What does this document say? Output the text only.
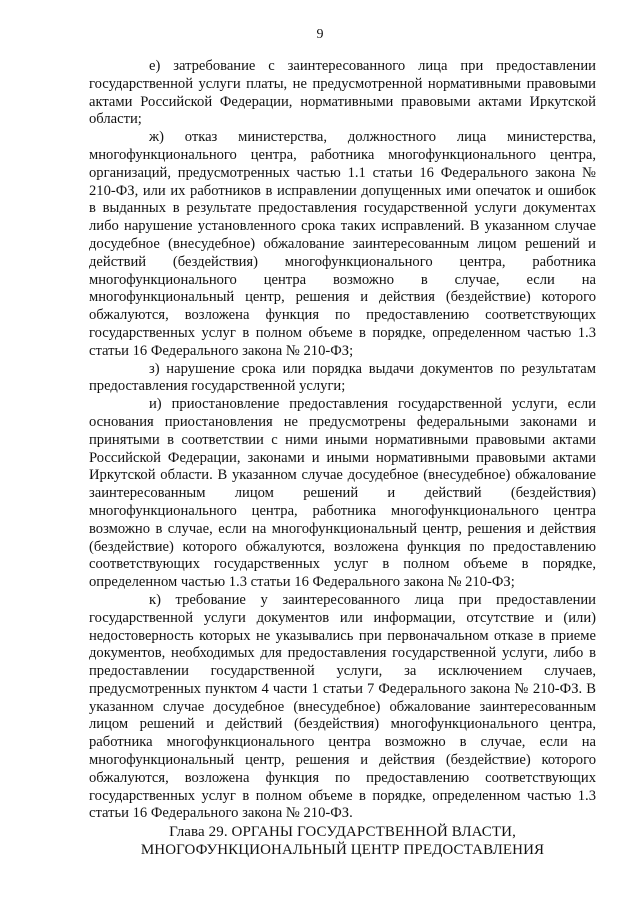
9

е) затребование с заинтересованного лица при предоставлении государственной услуги платы, не предусмотренной нормативными правовыми актами Российской Федерации, нормативными правовыми актами Иркутской области;

ж) отказ министерства, должностного лица министерства, многофункционального центра, работника многофункционального центра, организаций, предусмотренных частью 1.1 статьи 16 Федерального закона № 210-ФЗ, или их работников в исправлении допущенных ими опечаток и ошибок в выданных в результате предоставления государственной услуги документах либо нарушение установленного срока таких исправлений. В указанном случае досудебное (внесудебное) обжалование заинтересованным лицом решений и действий (бездействия) многофункционального центра, работника многофункционального центра возможно в случае, если на многофункциональный центр, решения и действия (бездействие) которого обжалуются, возложена функция по предоставлению соответствующих государственных услуг в полном объеме в порядке, определенном частью 1.3 статьи 16 Федерального закона № 210-ФЗ;

з) нарушение срока или порядка выдачи документов по результатам предоставления государственной услуги;

и) приостановление предоставления государственной услуги, если основания приостановления не предусмотрены федеральными законами и принятыми в соответствии с ними иными нормативными правовыми актами Российской Федерации, законами и иными нормативными правовыми актами Иркутской области. В указанном случае досудебное (внесудебное) обжалование заинтересованным лицом решений и действий (бездействия) многофункционального центра, работника многофункционального центра возможно в случае, если на многофункциональный центр, решения и действия (бездействие) которого обжалуются, возложена функция по предоставлению соответствующих государственных услуг в полном объеме в порядке, определенном частью 1.3 статьи 16 Федерального закона № 210-ФЗ;

к) требование у заинтересованного лица при предоставлении государственной услуги документов или информации, отсутствие и (или) недостоверность которых не указывались при первоначальном отказе в приеме документов, необходимых для предоставления государственной услуги, либо в предоставлении государственной услуги, за исключением случаев, предусмотренных пунктом 4 части 1 статьи 7 Федерального закона № 210-ФЗ. В указанном случае досудебное (внесудебное) обжалование заинтересованным лицом решений и действий (бездействия) многофункционального центра, работника многофункционального центра возможно в случае, если на многофункциональный центр, решения и действия (бездействие) которого обжалуются, возложена функция по предоставлению соответствующих государственных услуг в полном объеме в порядке, определенном частью 1.3 статьи 16 Федерального закона № 210-ФЗ.

Глава 29. ОРГАНЫ ГОСУДАРСТВЕННОЙ ВЛАСТИ,
МНОГОФУНКЦИОНАЛЬНЫЙ ЦЕНТР ПРЕДОСТАВЛЕНИЯ
